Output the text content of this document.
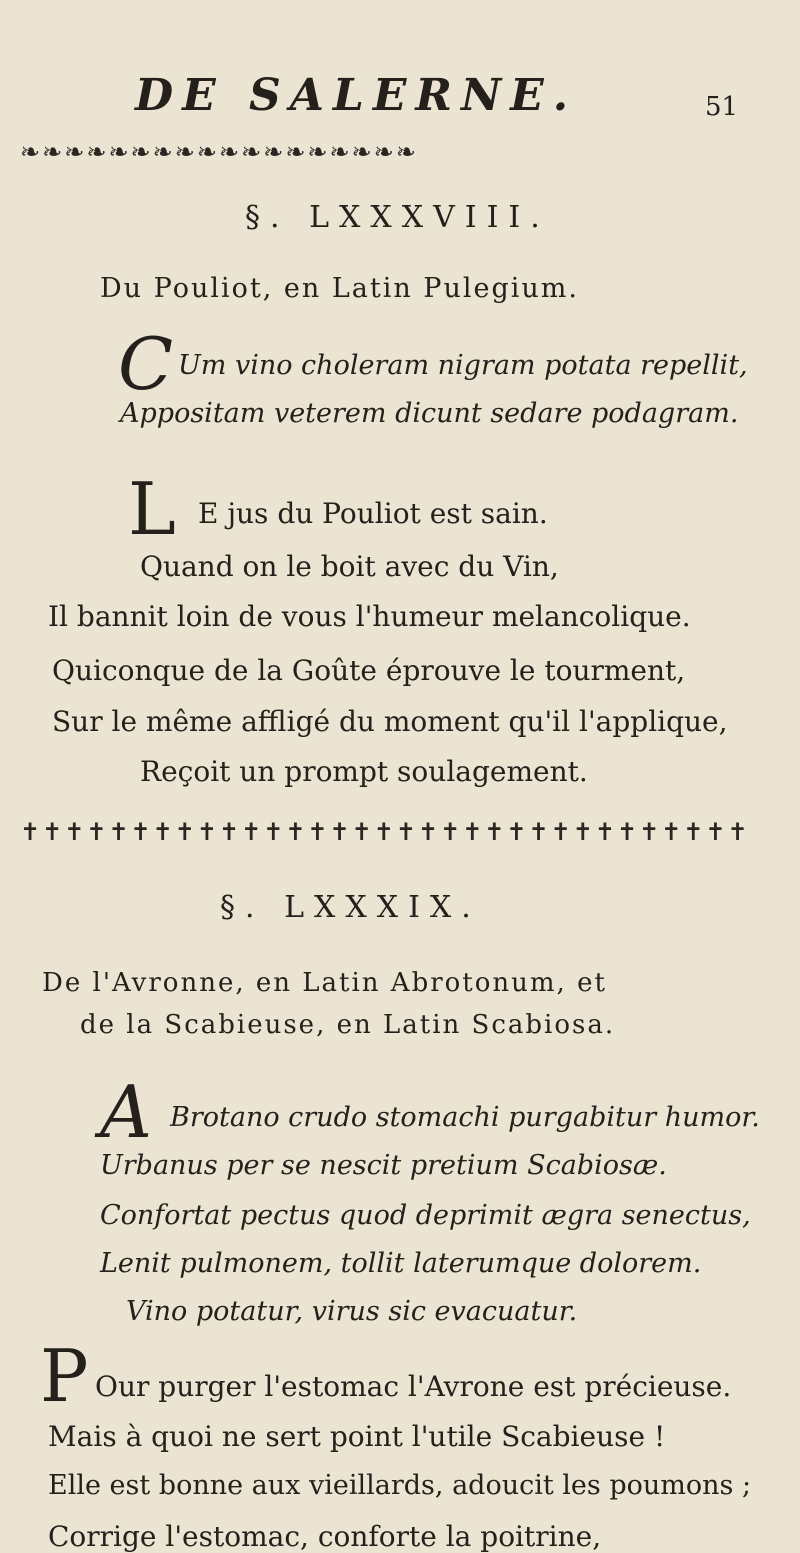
DE SALERNE.	51
❧❧❧❧❧❧❧❧❧❧❧❧❧❧❧❧❧❧
§. LXXXVIII.
Du Pouliot, en Latin Pulegium.
C Um vino choleram nigram potata repellit,
Appositam veterem dicunt sedare podagram.
L E jus du Pouliot est sain.
Quand on le boit avec du Vin,
Il bannit loin de vous l'humeur melancolique.
Quiconque de la Goûte éprouve le tourment,
Sur le même affligé du moment qu'il l'applique,
Reçoit un prompt soulagement.
✝✝✝✝✝✝✝✝✝✝✝✝✝✝✝✝✝✝✝✝✝✝✝✝✝✝✝✝✝✝✝✝✝
§. LXXXIX.
De l'Avronne, en Latin Abrotonum, et
de la Scabieuse, en Latin Scabiosa.
A Brotano crudo stomachi purgabitur humor.
Urbanus per se nescit pretium Scabiosæ.
Confortat pectus quod deprimit ægra senectus,
Lenit pulmonem, tollit laterumque dolorem.
Vino potatur, virus sic evacuatur.
P Our purger l'estomac l'Avrone est précieuse.
Mais à quoi ne sert point l'utile Scabieuse !
Elle est bonne aux vieillards, adoucit les poumons ;
Corrige l'estomac, conforte la poitrine,
